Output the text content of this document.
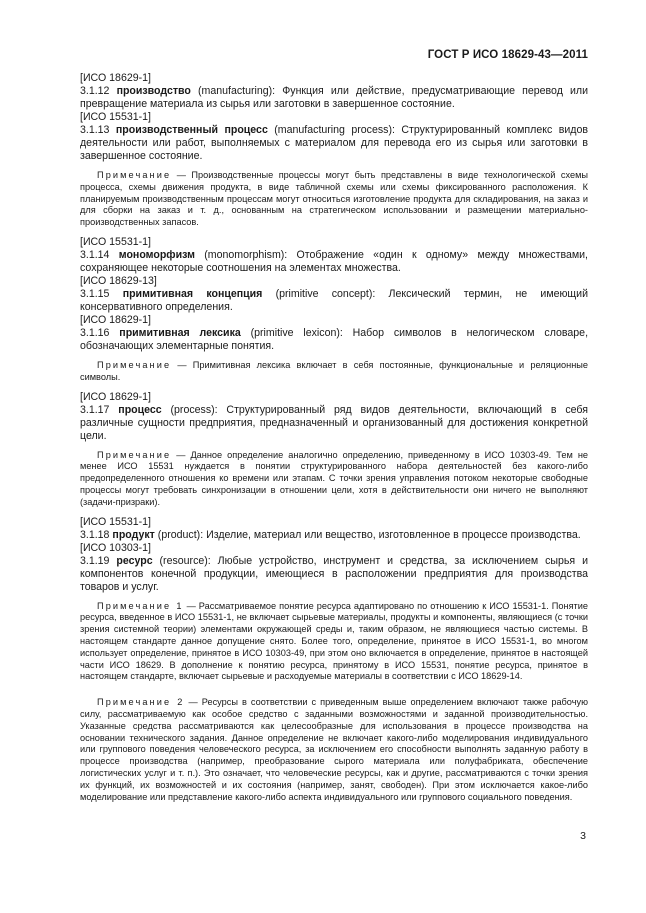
ГОСТ Р ИСО 18629-43—2011

[ИСО 18629-1]

3.1.12 производство (manufacturing): Функция или действие, предусматривающие перевод или превращение материала из сырья или заготовки в завершенное состояние.

[ИСО 15531-1]

3.1.13 производственный процесс (manufacturing process): Структурированный комплекс видов деятельности или работ, выполняемых с материалом для перевода его из сырья или заготовки в завершенное состояние.

Примечание — Производственные процессы могут быть представлены в виде технологической схемы процесса, схемы движения продукта, в виде табличной схемы или схемы фиксированного расположения. К планируемым производственным процессам могут относиться изготовление продукта для складирования, на заказ и для сборки на заказ и т. д., основанным на стратегическом использовании и размещении материально-производственных запасов.

[ИСО 15531-1]

3.1.14 мономорфизм (monomorphism): Отображение «один к одному» между множествами, сохраняющее некоторые соотношения на элементах множества.

[ИСО 18629-13]

3.1.15 примитивная концепция (primitive concept): Лексический термин, не имеющий консервативного определения.

[ИСО 18629-1]

3.1.16 примитивная лексика (primitive lexicon): Набор символов в нелогическом словаре, обозначающих элементарные понятия.

Примечание — Примитивная лексика включает в себя постоянные, функциональные и реляционные символы.

[ИСО 18629-1]

3.1.17 процесс (process): Структурированный ряд видов деятельности, включающий в себя различные сущности предприятия, предназначенный и организованный для достижения конкретной цели.

Примечание — Данное определение аналогично определению, приведенному в ИСО 10303-49. Тем не менее ИСО 15531 нуждается в понятии структурированного набора деятельностей без какого-либо предопределенного отношения ко времени или этапам. С точки зрения управления потоком некоторые свободные процессы могут требовать синхронизации в отношении цели, хотя в действительности они ничего не выполняют (задачи-призраки).

[ИСО 15531-1]

3.1.18 продукт (product): Изделие, материал или вещество, изготовленное в процессе производства.

[ИСО 10303-1]

3.1.19 ресурс (resource): Любые устройство, инструмент и средства, за исключением сырья и компонентов конечной продукции, имеющиеся в расположении предприятия для производства товаров и услуг.

Примечание 1 — Рассматриваемое понятие ресурса адаптировано по отношению к ИСО 15531-1. Понятие ресурса, введенное в ИСО 15531-1, не включает сырьевые материалы, продукты и компоненты, являющиеся (с точки зрения системной теории) элементами окружающей среды и, таким образом, не являющиеся частью системы. В настоящем стандарте данное допущение снято. Более того, определение, принятое в ИСО 15531-1, во многом использует определение, принятое в ИСО 10303-49, при этом оно включается в определение, принятое в настоящей части ИСО 18629. В дополнение к понятию ресурса, принятому в ИСО 15531, понятие ресурса, принятое в настоящем стандарте, включает сырьевые и расходуемые материалы в соответствии с ИСО 18629-14.

Примечание 2 — Ресурсы в соответствии с приведенным выше определением включают также рабочую силу, рассматриваемую как особое средство с заданными возможностями и заданной производительностью. Указанные средства рассматриваются как целесообразные для использования в процессе производства на основании технического задания. Данное определение не включает какого-либо моделирования индивидуального или группового поведения человеческого ресурса, за исключением его способности выполнять заданную работу в процессе производства (например, преобразование сырого материала или полуфабриката, обеспечение логистических услуг и т. п.). Это означает, что человеческие ресурсы, как и другие, рассматриваются с точки зрения их функций, их возможностей и их состояния (например, занят, свободен). При этом исключается какое-либо моделирование или представление какого-либо аспекта индивидуального или группового социального поведения.

3
